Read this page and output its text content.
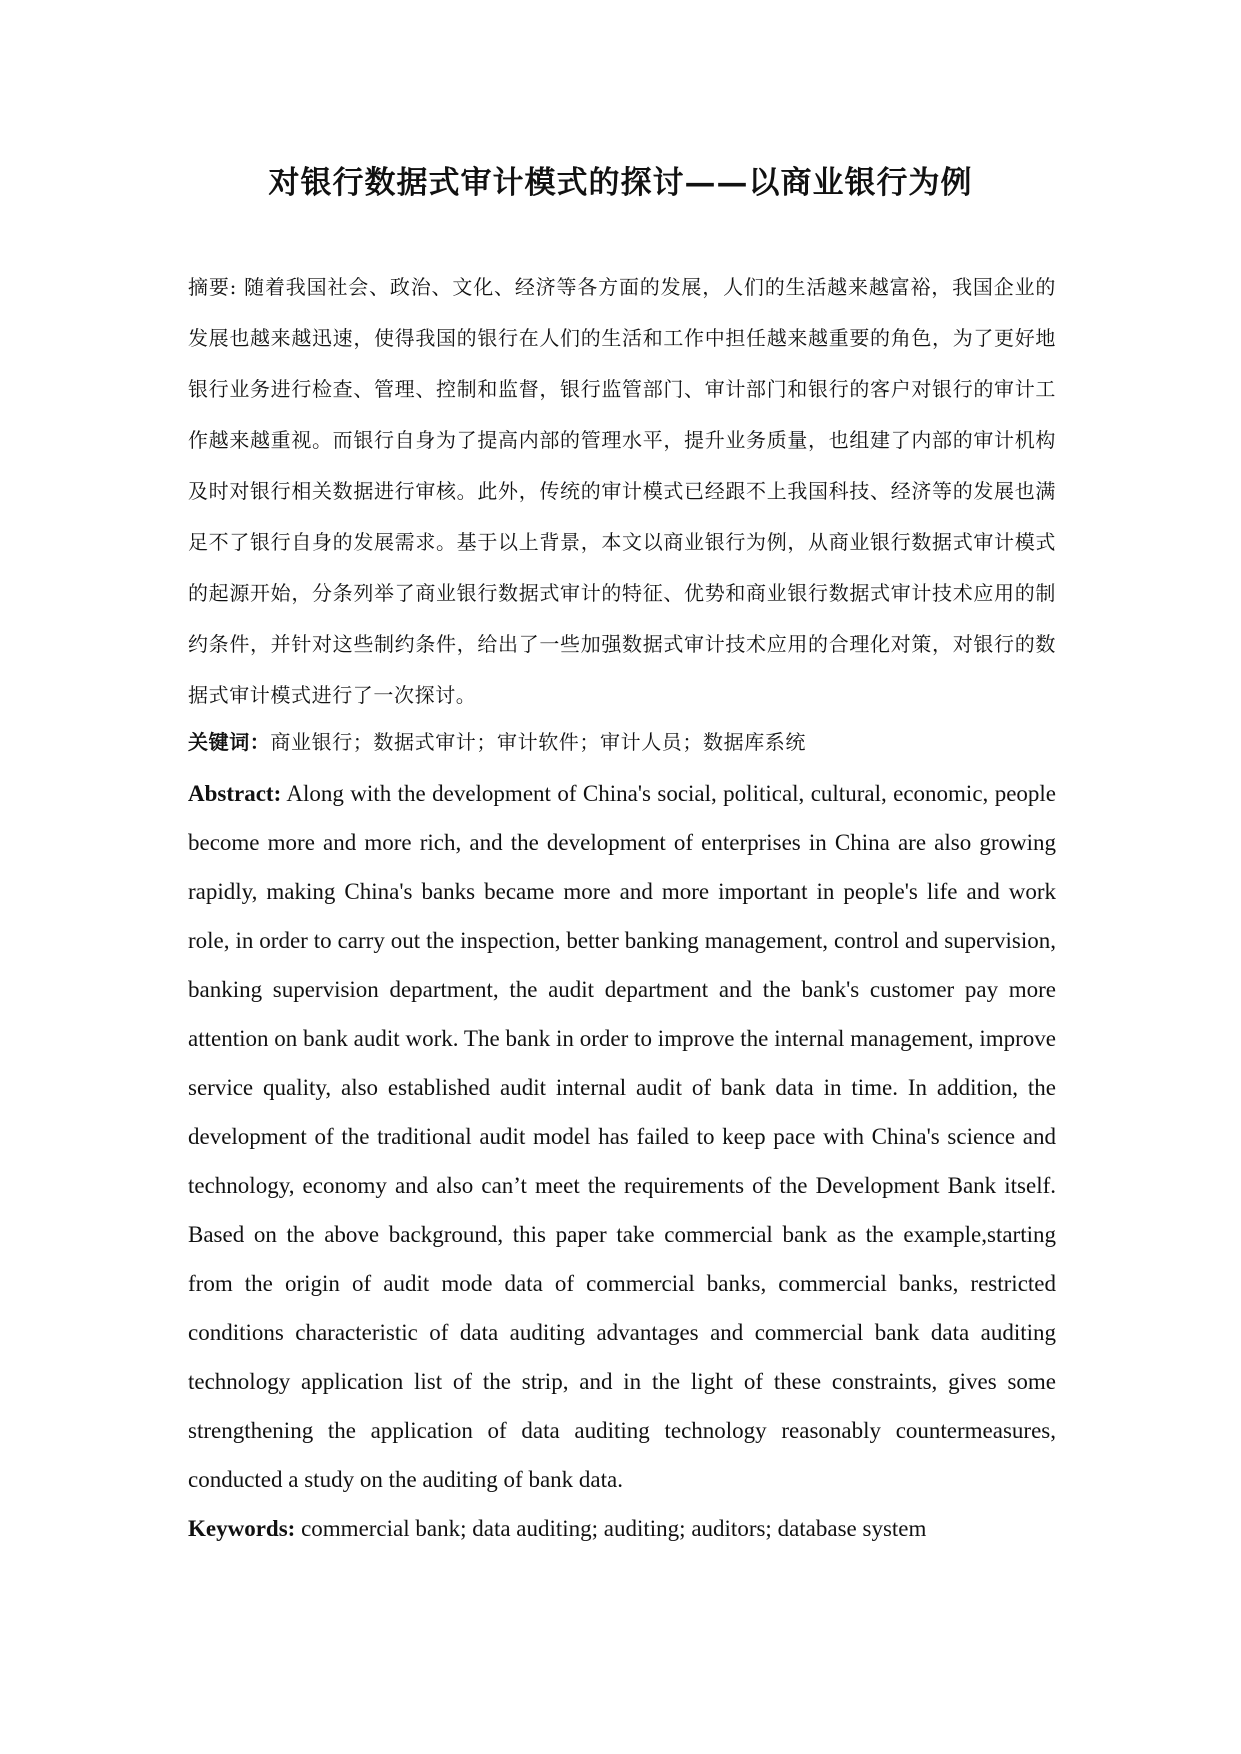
对银行数据式审计模式的探讨——以商业银行为例

摘要: 随着我国社会、政治、文化、经济等各方面的发展，人们的生活越来越富裕，我国企业的发展也越来越迅速，使得我国的银行在人们的生活和工作中担任越来越重要的角色，为了更好地银行业务进行检查、管理、控制和监督，银行监管部门、审计部门和银行的客户对银行的审计工作越来越重视。而银行自身为了提高内部的管理水平，提升业务质量，也组建了内部的审计机构及时对银行相关数据进行审核。此外，传统的审计模式已经跟不上我国科技、经济等的发展也满足不了银行自身的发展需求。基于以上背景，本文以商业银行为例，从商业银行数据式审计模式的起源开始，分条列举了商业银行数据式审计的特征、优势和商业银行数据式审计技术应用的制约条件，并针对这些制约条件，给出了一些加强数据式审计技术应用的合理化对策，对银行的数据式审计模式进行了一次探讨。

关键词：商业银行；数据式审计；审计软件；审计人员；数据库系统

Abstract: Along with the development of China's social, political, cultural, economic, people become more and more rich, and the development of enterprises in China are also growing rapidly, making China's banks became more and more important in people's life and work role, in order to carry out the inspection, better banking management, control and supervision, banking supervision department, the audit department and the bank's customer pay more attention on bank audit work. The bank in order to improve the internal management, improve service quality, also established audit internal audit of bank data in time. In addition, the development of the traditional audit model has failed to keep pace with China's science and technology, economy and also can’t meet the requirements of the Development Bank itself. Based on the above background, this paper take commercial bank as the example,starting from the origin of audit mode data of commercial banks, commercial banks, restricted conditions characteristic of data auditing advantages and commercial bank data auditing technology application list of the strip, and in the light of these constraints, gives some strengthening the application of data auditing technology reasonably countermeasures, conducted a study on the auditing of bank data.

Keywords: commercial bank; data auditing; auditing; auditors; database system
